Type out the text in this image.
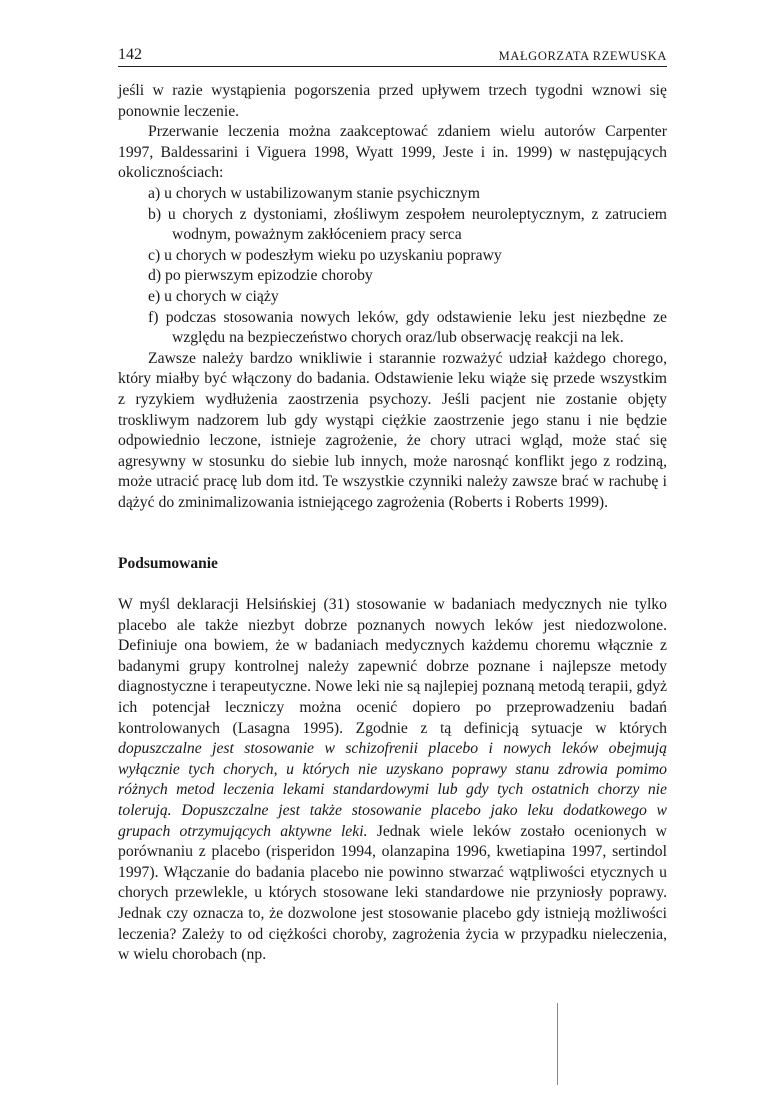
142	MAŁGORZATA RZEWUSKA

jeśli w razie wystąpienia pogorszenia przed upływem trzech tygodni wznowi się ponownie leczenie.

Przerwanie leczenia można zaakceptować zdaniem wielu autorów Carpenter 1997, Baldessarini i Viguera 1998, Wyatt 1999, Jeste i in. 1999) w następujących okolicznościach:

a) u chorych w ustabilizowanym stanie psychicznym
b) u chorych z dystoniami, złośliwym zespołem neuroleptycznym, z zatruciem wodnym, poważnym zakłóceniem pracy serca
c) u chorych w podeszłym wieku po uzyskaniu poprawy
d) po pierwszym epizodzie choroby
e) u chorych w ciąży
f) podczas stosowania nowych leków, gdy odstawienie leku jest niezbędne ze względu na bezpieczeństwo chorych oraz/lub obserwację reakcji na lek.

Zawsze należy bardzo wnikliwie i starannie rozważyć udział każdego chorego, który miałby być włączony do badania. Odstawienie leku wiąże się przede wszystkim z ryzykiem wydłużenia zaostrzenia psychozy. Jeśli pacjent nie zostanie objęty troskliwym nadzorem lub gdy wystąpi ciężkie zaostrzenie jego stanu i nie będzie odpowiednio leczone, istnieje zagrożenie, że chory utraci wgląd, może stać się agresywny w stosunku do siebie lub innych, może narosnąć konflikt jego z rodziną, może utracić pracę lub dom itd. Te wszystkie czynniki należy zawsze brać w rachubę i dążyć do zminimalizowania istniejącego zagrożenia (Roberts i Roberts 1999).

Podsumowanie

W myśl deklaracji Helsińskiej (31) stosowanie w badaniach medycznych nie tylko placebo ale także niezbyt dobrze poznanych nowych leków jest niedozwolone. Definiuje ona bowiem, że w badaniach medycznych każdemu choremu włącznie z badanymi grupy kontrolnej należy zapewnić dobrze poznane i najlepsze metody diagnostyczne i terapeutyczne. Nowe leki nie są najlepiej poznaną metodą terapii, gdyż ich potencjał leczniczy można ocenić dopiero po przeprowadzeniu badań kontrolowanych (Lasagna 1995). Zgodnie z tą definicją sytuacje w których dopuszczalne jest stosowanie w schizofrenii placebo i nowych leków obejmują wyłącznie tych chorych, u których nie uzyskano poprawy stanu zdrowia pomimo różnych metod leczenia lekami standardowymi lub gdy tych ostatnich chorzy nie tolerują. Dopuszczalne jest także stosowanie placebo jako leku dodatkowego w grupach otrzymujących aktywne leki. Jednak wiele leków zostało ocenionych w porównaniu z placebo (risperidon 1994, olanzapina 1996, kwetiapina 1997, sertindol 1997). Włączanie do badania placebo nie powinno stwarzać wątpliwości etycznych u chorych przewlekle, u których stosowane leki standardowe nie przyniosły poprawy. Jednak czy oznacza to, że dozwolone jest stosowanie placebo gdy istnieją możliwości leczenia? Zależy to od ciężkości choroby, zagrożenia życia w przypadku nieleczenia, w wielu chorobach (np.
